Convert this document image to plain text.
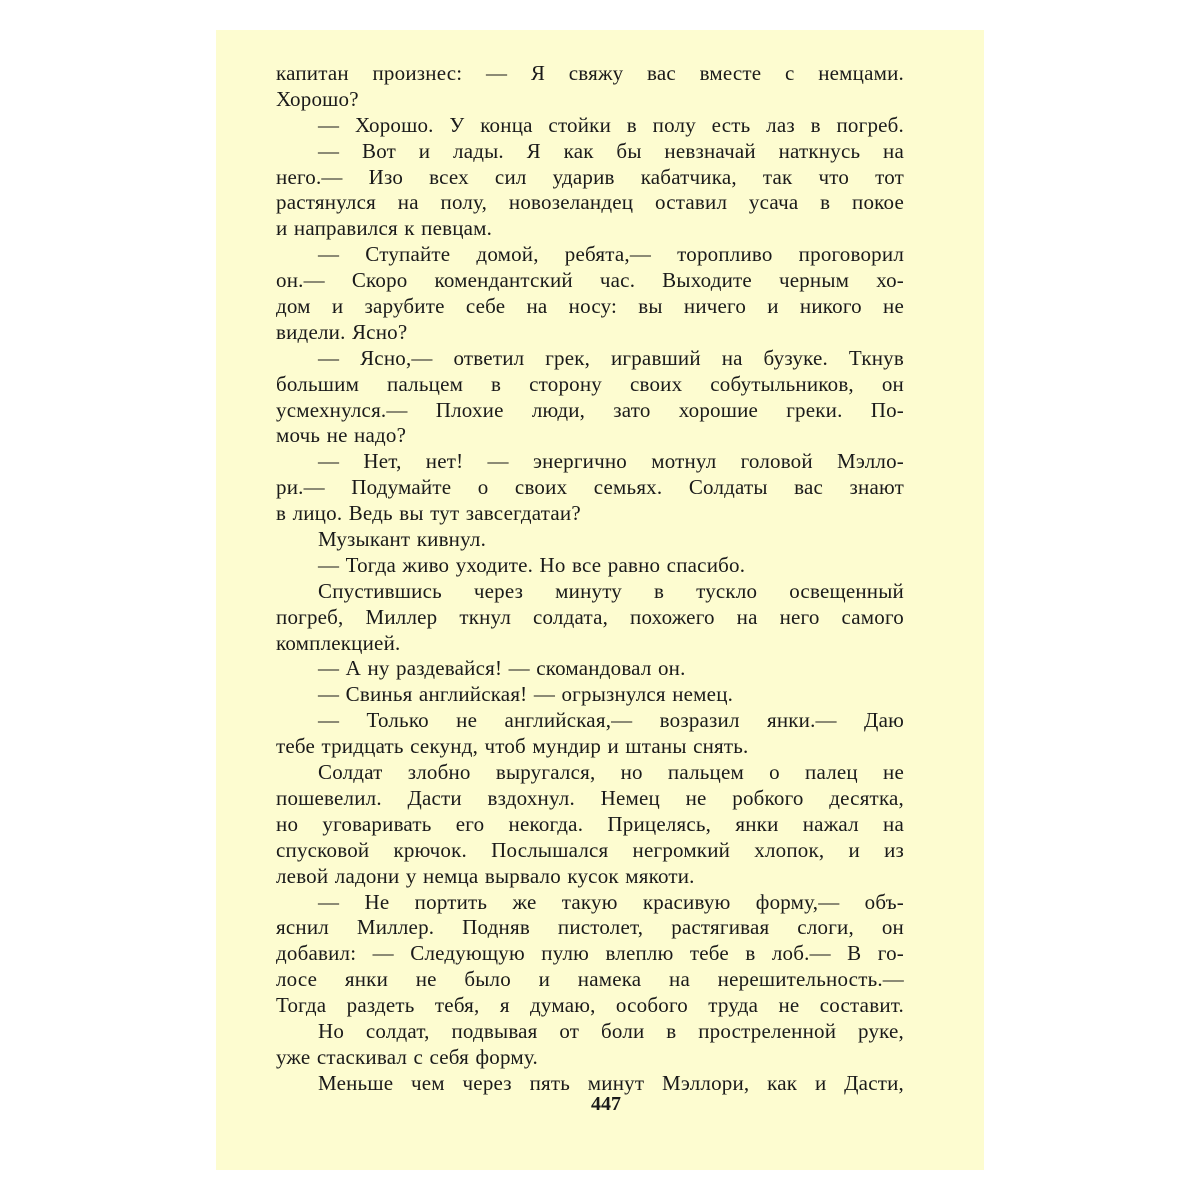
капитан произнес: — Я свяжу вас вместе с немцами.
Хорошо?
— Хорошо. У конца стойки в полу есть лаз в погреб.
— Вот и лады. Я как бы невзначай наткнусь на
него.— Изо всех сил ударив кабатчика, так что тот
растянулся на полу, новозеландец оставил усача в покое
и направился к певцам.
— Ступайте домой, ребята,— торопливо проговорил
он.— Скоро комендантский час. Выходите черным хо-
дом и зарубите себе на носу: вы ничего и никого не
видели. Ясно?
— Ясно,— ответил грек, игравший на бузуке. Ткнув
большим пальцем в сторону своих собутыльников, он
усмехнулся.— Плохие люди, зато хорошие греки. По-
мочь не надо?
— Нет, нет! — энергично мотнул головой Мэлло-
ри.— Подумайте о своих семьях. Солдаты вас знают
в лицо. Ведь вы тут завсегдатаи?
Музыкант кивнул.
— Тогда живо уходите. Но все равно спасибо.
Спустившись через минуту в тускло освещенный
погреб, Миллер ткнул солдата, похожего на него самого
комплекцией.
— А ну раздевайся! — скомандовал он.
— Свинья английская! — огрызнулся немец.
— Только не английская,— возразил янки.— Даю
тебе тридцать секунд, чтоб мундир и штаны снять.
Солдат злобно выругался, но пальцем о палец не
пошевелил. Дасти вздохнул. Немец не робкого десятка,
но уговаривать его некогда. Прицелясь, янки нажал на
спусковой крючок. Послышался негромкий хлопок, и из
левой ладони у немца вырвало кусок мякоти.
— Не портить же такую красивую форму,— объ-
яснил Миллер. Подняв пистолет, растягивая слоги, он
добавил: — Следующую пулю влеплю тебе в лоб.— В го-
лосе янки не было и намека на нерешительность.—
Тогда раздеть тебя, я думаю, особого труда не составит.
Но солдат, подвывая от боли в простреленной руке,
уже стаскивал с себя форму.
Меньше чем через пять минут Мэллори, как и Дасти,
447
